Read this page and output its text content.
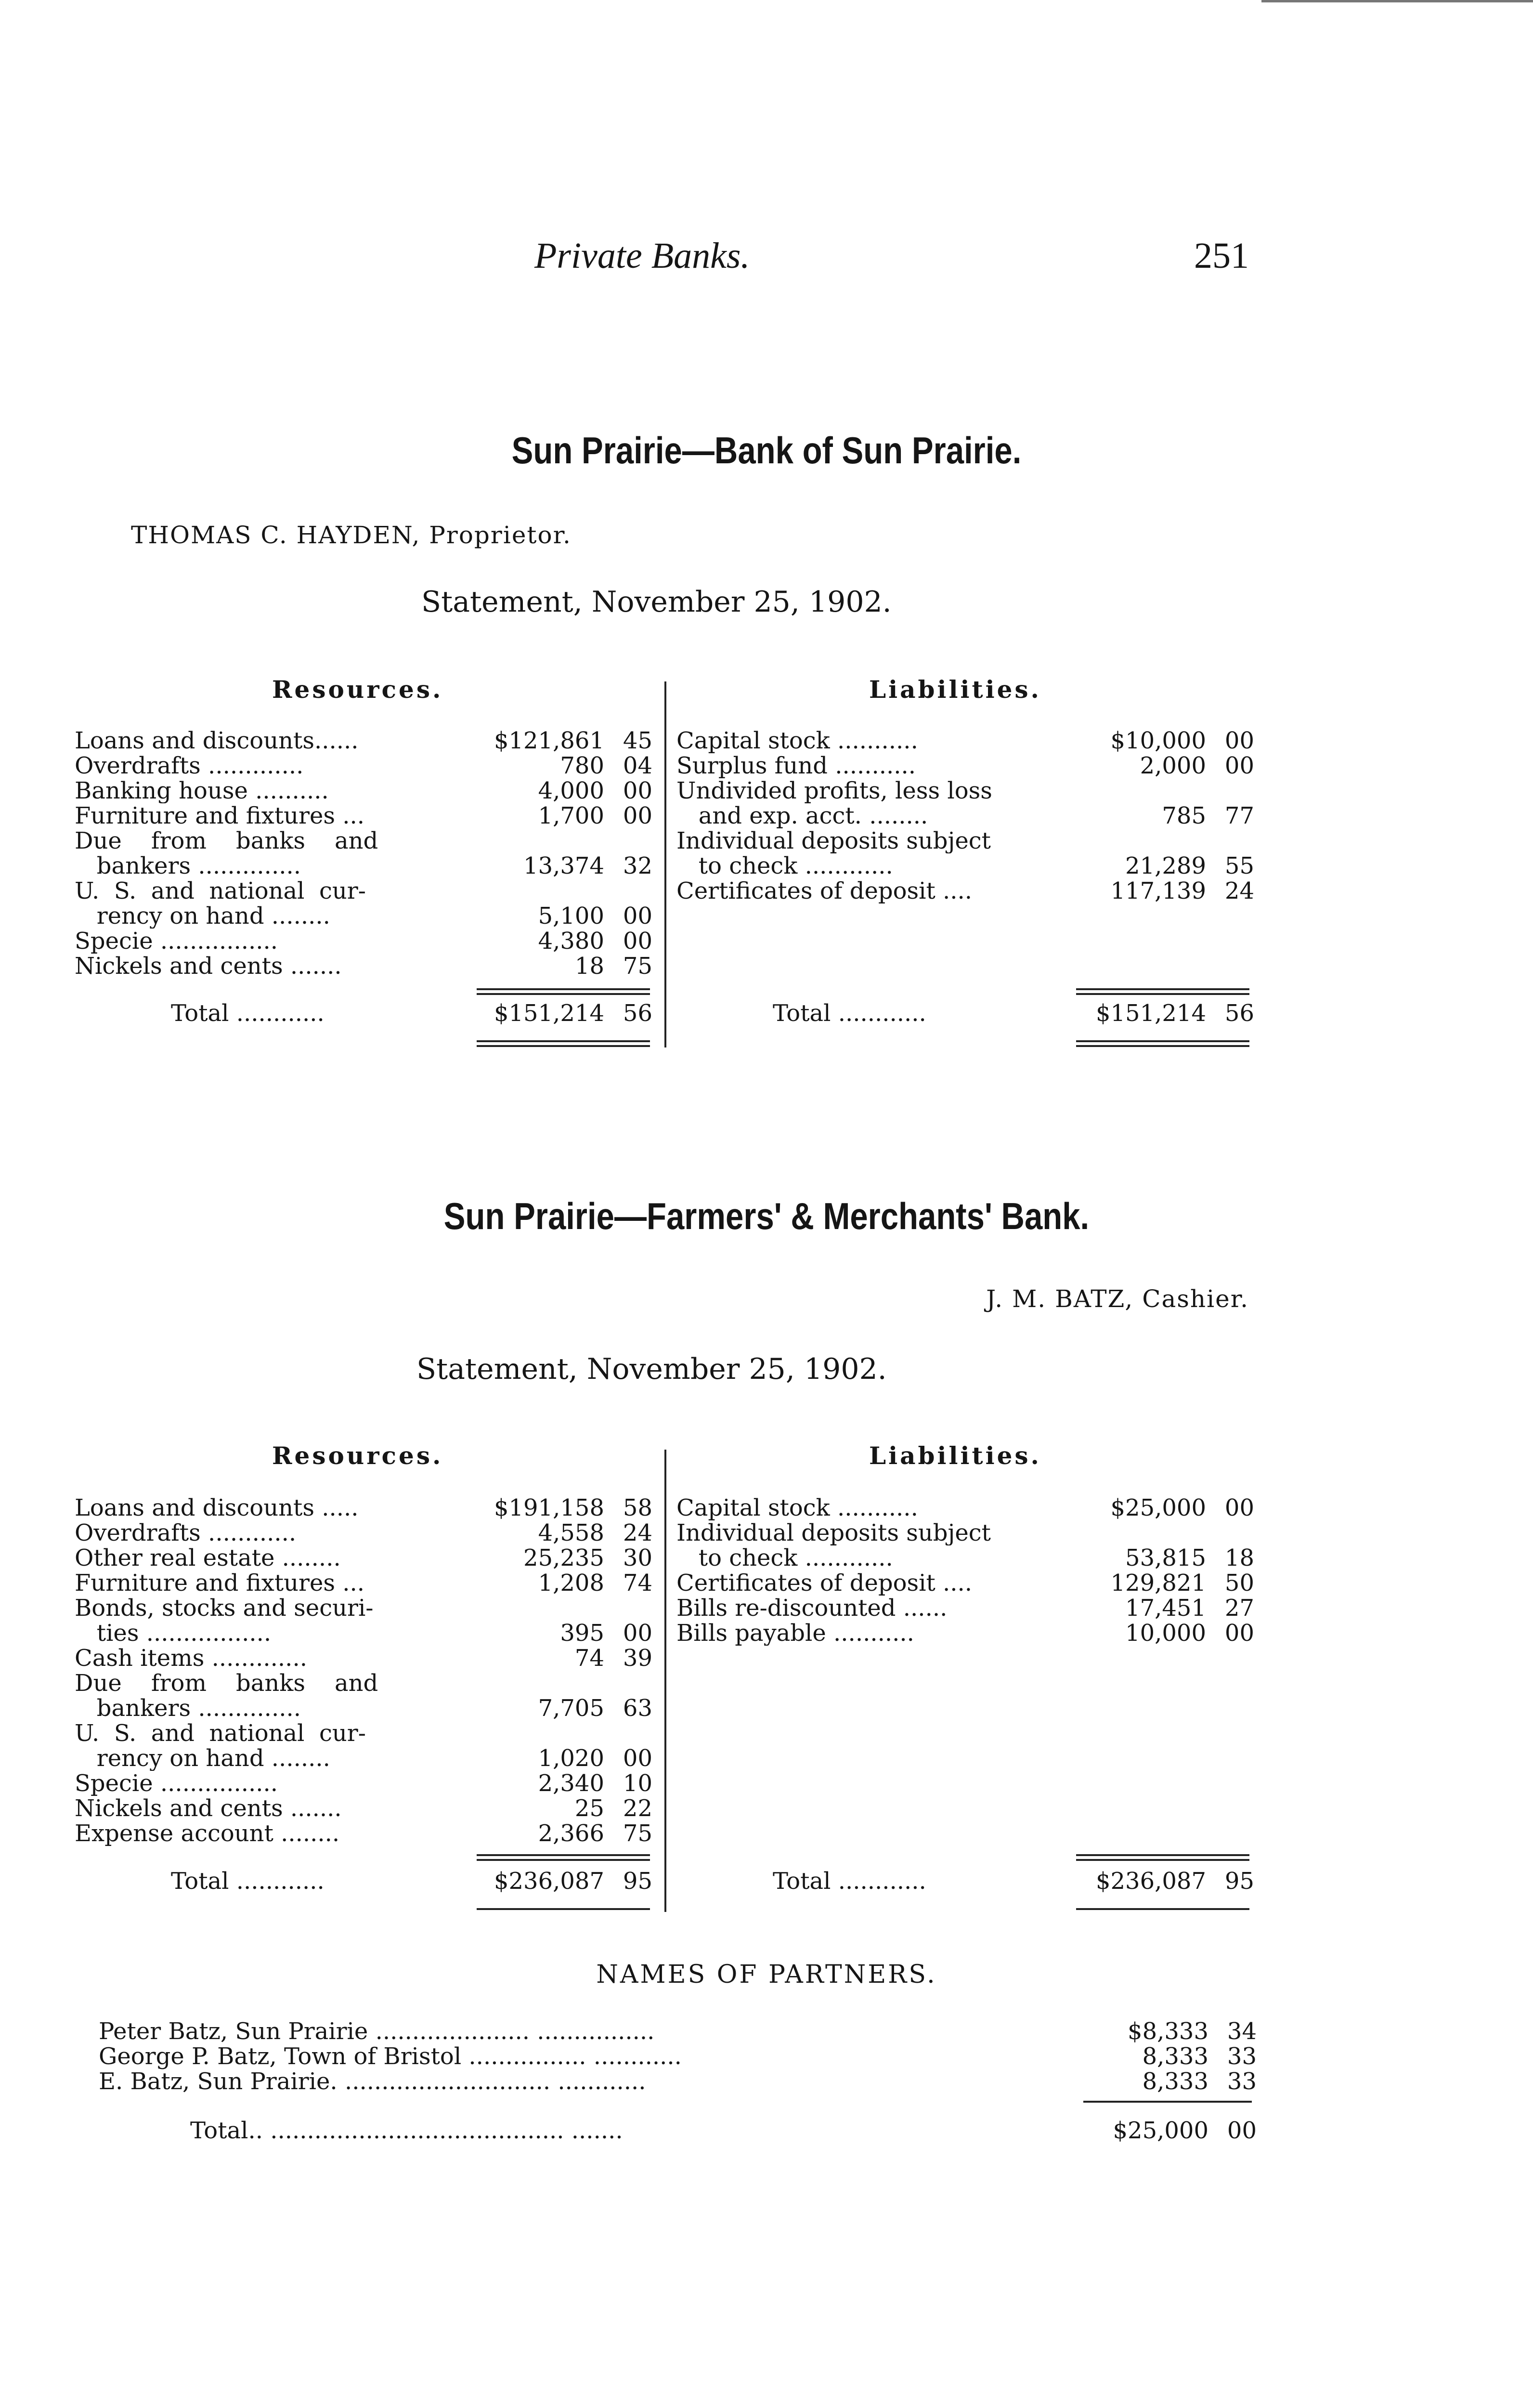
Private Banks.	251
Sun Prairie—Bank of Sun Prairie.
THOMAS C. HAYDEN, Proprietor.
Statement, November 25, 1902.
Resources.	Liabilities.
Loans and discounts......	$121,861 45
Overdrafts .............	780 04
Banking house ..........	4,000 00
Furniture and fixtures ...	1,700 00
Due    from    banks    and
bankers ..............	13,374 32
U.  S.  and  national  cur-
rency on hand ........	5,100 00
Specie ................	4,380 00
Nickels and cents .......	18 75
Capital stock ...........	$10,000 00
Surplus fund ...........	2,000 00
Undivided profits, less loss
and exp. acct. ........	785 77
Individual deposits subject
to check ............	21,289 55
Certificates of deposit ....	117,139 24
Total ............	$151,214 56	Total ............	$151,214 56
Sun Prairie—Farmers' & Merchants' Bank.
J. M. BATZ, Cashier.
Statement, November 25, 1902.
Resources.	Liabilities.
Loans and discounts .....	$191,158 58
Overdrafts ............	4,558 24
Other real estate ........	25,235 30
Furniture and fixtures ...	1,208 74
Bonds, stocks and securi-
ties .................	395 00
Cash items .............	74 39
Due    from    banks    and
bankers ..............	7,705 63
U.  S.  and  national  cur-
rency on hand ........	1,020 00
Specie ................	2,340 10
Nickels and cents .......	25 22
Expense account ........	2,366 75
Capital stock ...........	$25,000 00
Individual deposits subject
to check ............	53,815 18
Certificates of deposit ....	129,821 50
Bills re-discounted ......	17,451 27
Bills payable ...........	10,000 00
Total ............	$236,087 95	Total ............	$236,087 95
NAMES OF PARTNERS.
Peter Batz, Sun Prairie ..................... ................	$8,333 34
George P. Batz, Town of Bristol ................ ............	8,333 33
E. Batz, Sun Prairie. ............................ ............	8,333 33
Total.. ........................................ .......	$25,000 00
